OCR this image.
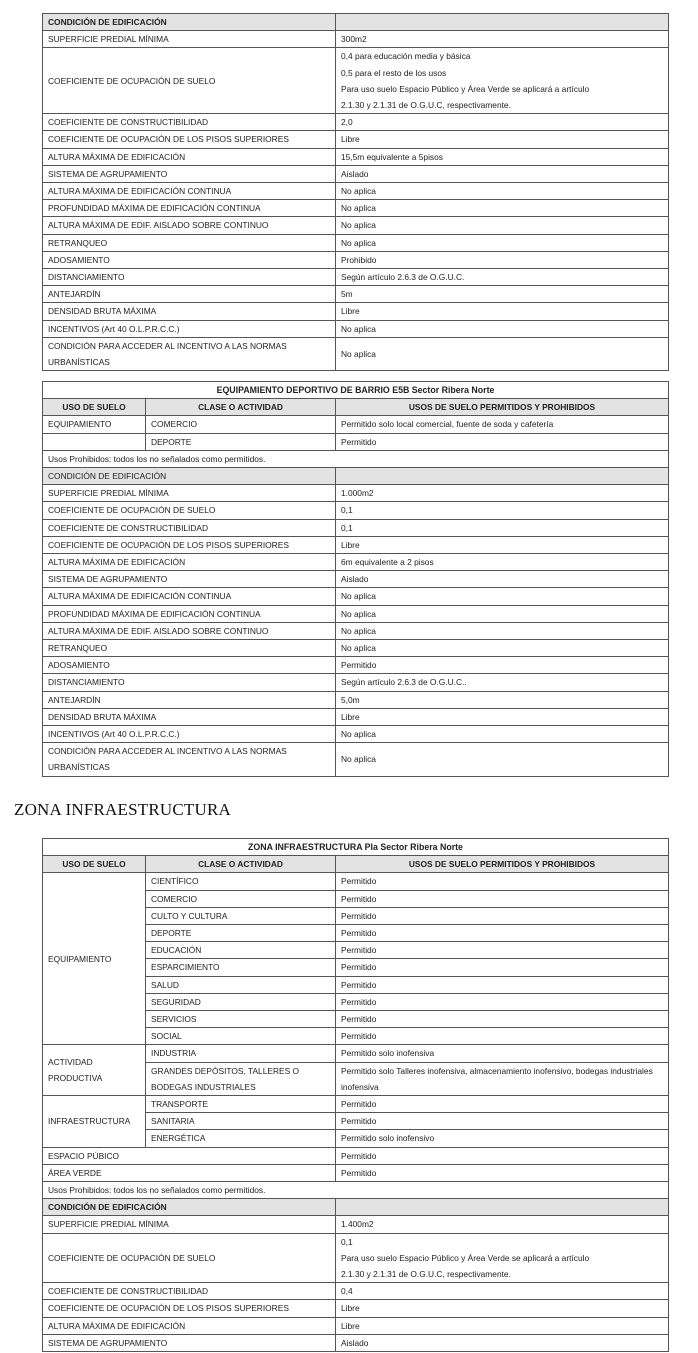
CONDICIÓN DE EDIFICACIÓN	
SUPERFICIE PREDIAL MÍNIMA	300m2

COEFICIENTE DE OCUPACIÓN DE SUELO	0,4 para educación media y básica
0,5 para el resto de los usos
Para uso suelo Espacio Público y Área Verde se aplicará a artículo
2.1.30 y 2.1.31 de O.G.U.C, respectivamente.

COEFICIENTE DE CONSTRUCTIBILIDAD	2,0

COEFICIENTE DE OCUPACIÓN DE LOS PISOS SUPERIORES	Libre

ALTURA MÁXIMA DE EDIFICACIÓN	15,5m equivalente a 5pisos

SISTEMA DE AGRUPAMIENTO	Aislado

ALTURA MÁXIMA DE EDIFICACIÓN CONTINUA	No aplica

PROFUNDIDAD MÁXIMA DE EDIFICACIÓN CONTINUA	No aplica

ALTURA MÁXIMA DE EDIF. AISLADO SOBRE CONTINUO	No aplica

RETRANQUEO	No aplica

ADOSAMIENTO	Prohibido

DISTANCIAMIENTO	Según artículo 2.6.3 de O.G.U.C.

ANTEJARDÍN	5m

DENSIDAD BRUTA MÁXIMA	Libre

INCENTIVOS (Art 40 O.L.P.R.C.C.)	No aplica

CONDICIÓN PARA ACCEDER AL INCENTIVO A LAS NORMAS URBANÍSTICAS	No aplica
EQUIPAMIENTO DEPORTIVO DE BARRIO E5B Sector Ribera Norte		
USO DE SUELO	CLASE O ACTIVIDAD	USOS DE SUELO PERMITIDOS Y PROHIBIDOS
EQUIPAMIENTO	COMERCIO	Permitido solo local comercial, fuente de soda y cafetería
	DEPORTE	Permitido
Usos Prohibidos: todos los no señalados como permitidos.		
CONDICIÓN DE EDIFICACIÓN		
SUPERFICIE PREDIAL MÍNIMA		1.000m2

COEFICIENTE DE OCUPACIÓN DE SUELO		0,1

COEFICIENTE DE CONSTRUCTIBILIDAD		0,1

COEFICIENTE DE OCUPACIÓN DE LOS PISOS SUPERIORES		Libre

ALTURA MÁXIMA DE EDIFICACIÓN		6m equivalente a 2 pisos

SISTEMA DE AGRUPAMIENTO		Aislado

ALTURA MÁXIMA DE EDIFICACIÓN CONTINUA		No aplica

PROFUNDIDAD MÁXIMA DE EDIFICACIÓN CONTINUA		No aplica

ALTURA MÁXIMA DE EDIF. AISLADO SOBRE CONTINUO		No aplica

RETRANQUEO		No aplica

ADOSAMIENTO		Permitido

DISTANCIAMIENTO		Según artículo 2.6.3 de O.G.U.C..

ANTEJARDÍN		5,0m

DENSIDAD BRUTA MÁXIMA		Libre

INCENTIVOS (Art 40 O.L.P.R.C.C.)		No aplica

CONDICIÓN PARA ACCEDER AL INCENTIVO A LAS NORMAS URBANÍSTICAS		No aplica
ZONA INFRAESTRUCTURA
ZONA INFRAESTRUCTURA PIa Sector Ribera Norte		
USO DE SUELO	CLASE O ACTIVIDAD	USOS DE SUELO PERMITIDOS Y PROHIBIDOS
EQUIPAMIENTO	CIENTÍFICO	Permitido
	COMERCIO	Permitido
	CULTO Y CULTURA	Permitido
	DEPORTE	Permitido
	EDUCACIÓN	Permitido
	ESPARCIMIENTO	Permitido
	SALUD	Permitido
	SEGURIDAD	Permitido
	SERVICIOS	Permitido
	SOCIAL	Permitido

ACTIVIDAD
PRODUCTIVA	INDUSTRIA	Permitido solo inofensiva
	GRANDES DEPÓSITOS, TALLERES O BODEGAS INDUSTRIALES	Permitido solo Talleres inofensiva, almacenamiento inofensivo, bodegas industriales inofensiva
INFRAESTRUCTURA	TRANSPORTE	Permitido
	SANITARIA	Permitido
	ENERGÉTICA	Permitido solo inofensivo
ESPACIO PÚBICO		Permitido
ÁREA VERDE		Permitido
Usos Prohibidos: todos los no señalados como permitidos.		
CONDICIÓN DE EDIFICACIÓN		
SUPERFICIE PREDIAL MÍNIMA		1.400m2

COEFICIENTE DE OCUPACIÓN DE SUELO		0,1
Para uso suelo Espacio Público y Área Verde se aplicará a artículo
2.1.30 y 2.1.31 de O.G.U.C, respectivamente.

COEFICIENTE DE CONSTRUCTIBILIDAD		0,4

COEFICIENTE DE OCUPACIÓN DE LOS PISOS SUPERIORES		Libre

ALTURA MÁXIMA DE EDIFICACIÓN		Libre

SISTEMA DE AGRUPAMIENTO		Aislado
